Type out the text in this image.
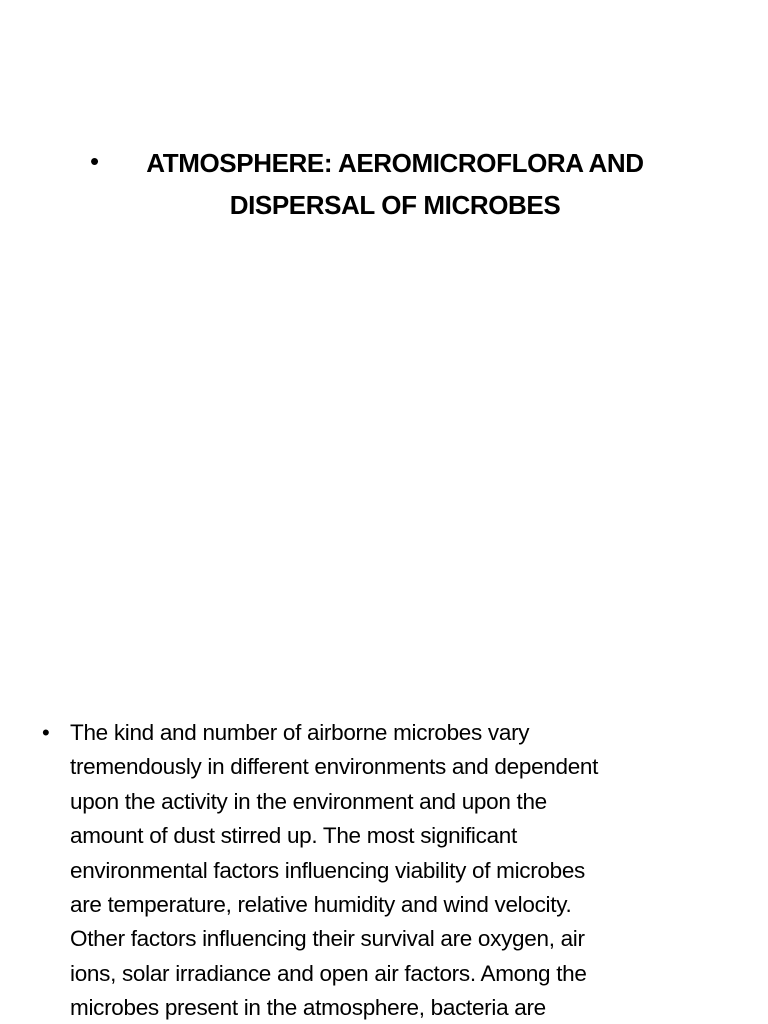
•	ATMOSPHERE: AEROMICROFLORA AND
DISPERSAL OF MICROBES
• The kind and number of airborne microbes vary
tremendously in different environments and dependent
upon the activity in the environment and upon the
amount of dust stirred up. The most significant
environmental factors influencing viability of microbes
are temperature, relative humidity and wind velocity.
Other factors influencing their survival are oxygen, air
ions, solar irradiance and open air factors. Among the
microbes present in the atmosphere, bacteria are
